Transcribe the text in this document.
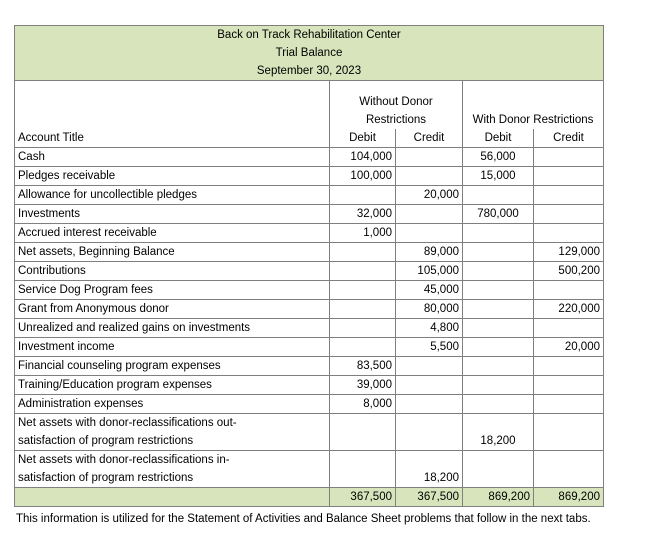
Back on Track Rehabilitation Center				
Trial Balance				
September 30, 2023				

	Without Donor			
	Restrictions		With Donor Restrictions	
Account Title	Debit	Credit	Debit	Credit
Cash	104,000		56,000	
Pledges receivable	100,000		15,000	
Allowance for uncollectible pledges		20,000		
Investments	32,000		780,000	
Accrued interest receivable	1,000			
Net assets, Beginning Balance		89,000		129,000
Contributions		105,000		500,200
Service Dog Program fees		45,000		
Grant from Anonymous donor		80,000		220,000
Unrealized and realized gains on investments		4,800		
Investment income		5,500		20,000
Financial counseling program expenses	83,500			
Training/Education program expenses	39,000			
Administration expenses	8,000			
Net assets with donor-reclassifications out-				
satisfaction of program restrictions			18,200	
Net assets with donor-reclassifications in-				
satisfaction of program restrictions		18,200		
	367,500	367,500	869,200	869,200
This information is utilized for the Statement of Activities and Balance Sheet problems that follow in the next tabs.
